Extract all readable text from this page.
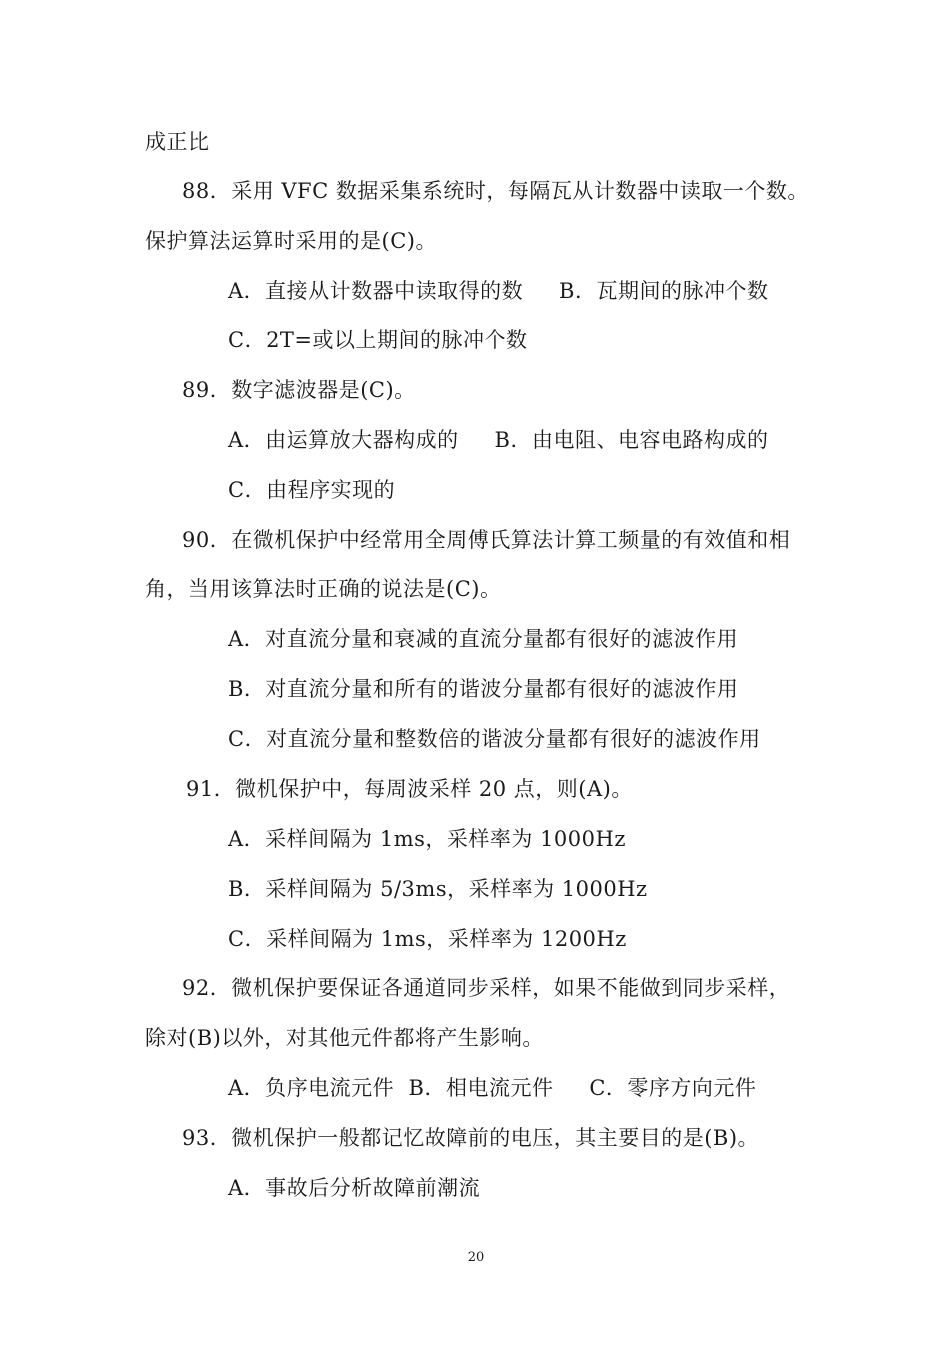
成正比
88．采用 VFC 数据采集系统时，每隔瓦从计数器中读取一个数。
保护算法运算时采用的是(C)。
A．直接从计数器中读取得的数     B．瓦期间的脉冲个数
C．2T=或以上期间的脉冲个数
89．数字滤波器是(C)。
A．由运算放大器构成的     B．由电阻、电容电路构成的
C．由程序实现的
90．在微机保护中经常用全周傅氏算法计算工频量的有效值和相
角，当用该算法时正确的说法是(C)。
A．对直流分量和衰减的直流分量都有很好的滤波作用
B．对直流分量和所有的谐波分量都有很好的滤波作用
C．对直流分量和整数倍的谐波分量都有很好的滤波作用
91．微机保护中，每周波采样 20 点，则(A)。
A．采样间隔为 1ms，采样率为 1000Hz
B．采样间隔为 5/3ms，采样率为 1000Hz
C．采样间隔为 1ms，采样率为 1200Hz
92．微机保护要保证各通道同步采样，如果不能做到同步采样，
除对(B)以外，对其他元件都将产生影响。
A．负序电流元件  B．相电流元件     C．零序方向元件
93．微机保护一般都记忆故障前的电压，其主要目的是(B)。
A．事故后分析故障前潮流
20
